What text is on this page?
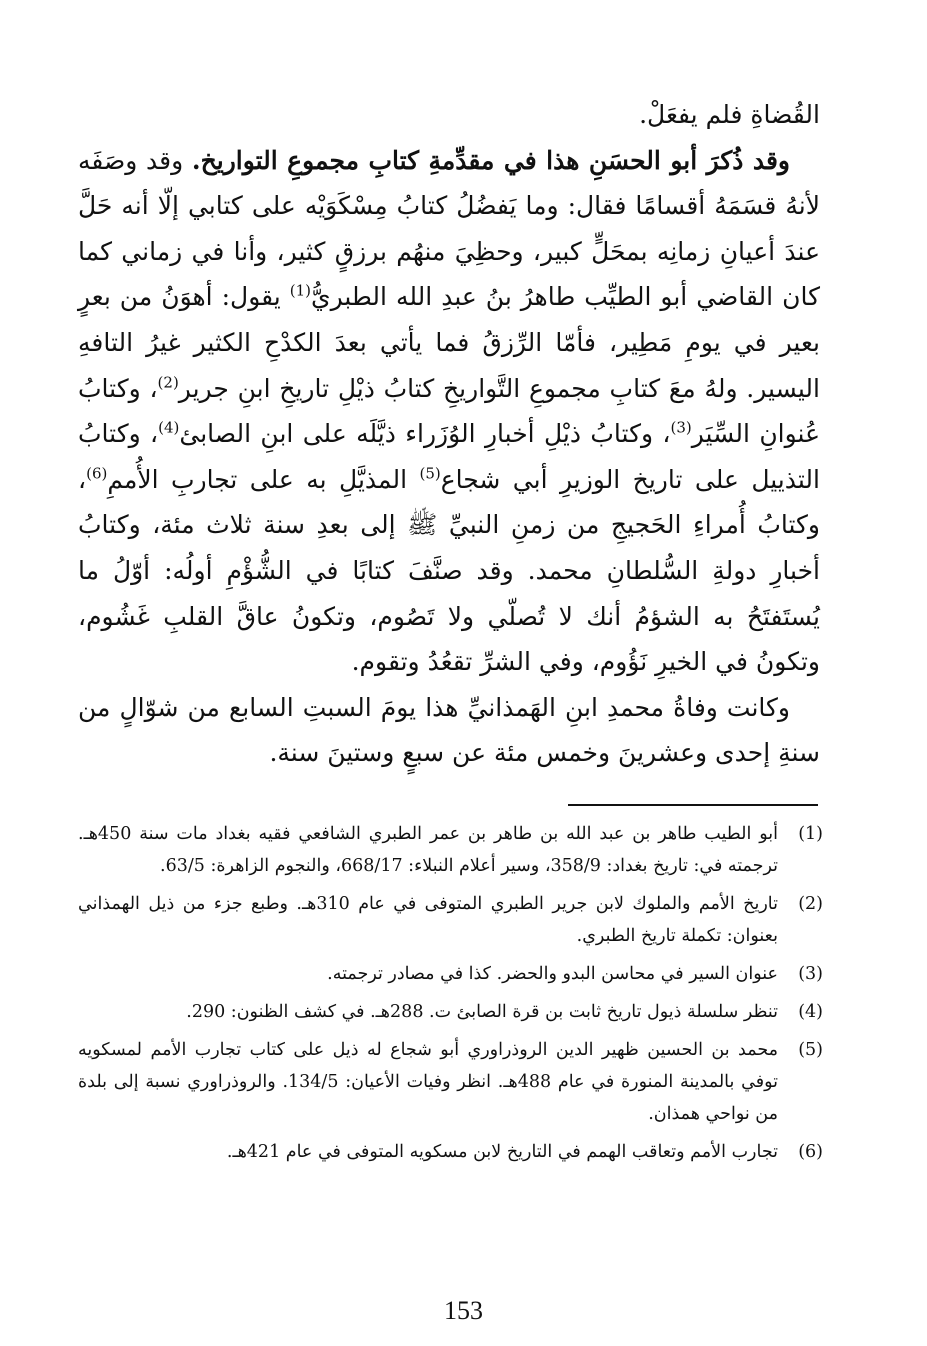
القُضاةِ فلم يفعَلْ.

وقد ذُكرَ أبو الحسَنِ هذا في مقدِّمةِ كتابِ مجموعِ التواريخ. وقد وصَفَه لأنهُ قسَمَهُ أقسامًا فقال: وما يَفضُلُ كتابُ مِسْكَوَيْه على كتابي إلّا أنه حَلَّ عندَ أعيانِ زمانِه بمحَلٍّ كبير، وحظِيَ منهُم برزقٍ كثير، وأنا في زماني كما كان القاضي أبو الطيِّب طاهرُ بنُ عبدِ الله الطبريُّ$^{(1)}$ يقول: أهوَنُ من بعرٍ بعير في يومِ مَطِير، فأمّا الرِّزقُ فما يأتي بعدَ الكدْحِ الكثير غيرُ التافهِ اليسير. ولهُ معَ كتابِ مجموعِ التَّواريخِ كتابُ ذيْلِ تاريخِ ابنِ جرير$^{(2)}$، وكتابُ عُنوانِ السِّيَر$^{(3)}$، وكتابُ ذيْلِ أخبارِ الوُزَراء ذيَّلَه على ابنِ الصابئ$^{(4)}$، وكتابُ التذييل على تاريخ الوزيرِ أبي شجاع$^{(5)}$ المذيَّلِ به على تجاربِ الأُممِ$^{(6)}$، وكتابُ أُمراءِ الحَجيجِ من زمنِ النبيِّ ﷺ إلى بعدِ سنة ثلاث مئة، وكتابُ أخبارِ دولةِ السُّلطانِ محمد. وقد صنَّفَ كتابًا في الشُّؤْمِ أولُه: أوّلُ ما يُستَفتَحُ به الشؤمُ أنك لا تُصلّي ولا تَصُوم، وتكونُ عاقَّ القلبِ غَشُوم، وتكونُ في الخيرِ نَؤُوم، وفي الشرِّ تقعُدُ وتقوم.

وكانت وفاةُ محمدِ ابنِ الهَمذانيِّ هذا يومَ السبتِ السابع من شوّالٍ من سنةِ إحدى وعشرينَ وخمس مئة عن سبعٍ وستينَ سنة.

(1)
أبو الطيب طاهر بن عبد الله بن طاهر بن عمر الطبري الشافعي فقيه بغداد مات سنة 450هـ. ترجمته في: تاريخ بغداد: 358/9، وسير أعلام النبلاء: 668/17، والنجوم الزاهرة: 63/5.
(2)
تاريخ الأمم والملوك لابن جرير الطبري المتوفى في عام 310هـ. وطبع جزء من ذيل الهمذاني بعنوان: تكملة تاريخ الطبري.
(3)
عنوان السير في محاسن البدو والحضر. كذا في مصادر ترجمته.
(4)
تنظر سلسلة ذيول تاريخ ثابت بن قرة الصابئ ت. 288هـ. في كشف الظنون: 290.
(5)
محمد بن الحسين ظهير الدين الروذراوري أبو شجاع له ذيل على كتاب تجارب الأمم لمسكويه توفي بالمدينة المنورة في عام 488هـ. انظر وفيات الأعيان: 134/5. والروذراوري نسبة إلى بلدة من نواحي همذان.
(6)
تجارب الأمم وتعاقب الهمم في التاريخ لابن مسكويه المتوفى في عام 421هـ.
153
